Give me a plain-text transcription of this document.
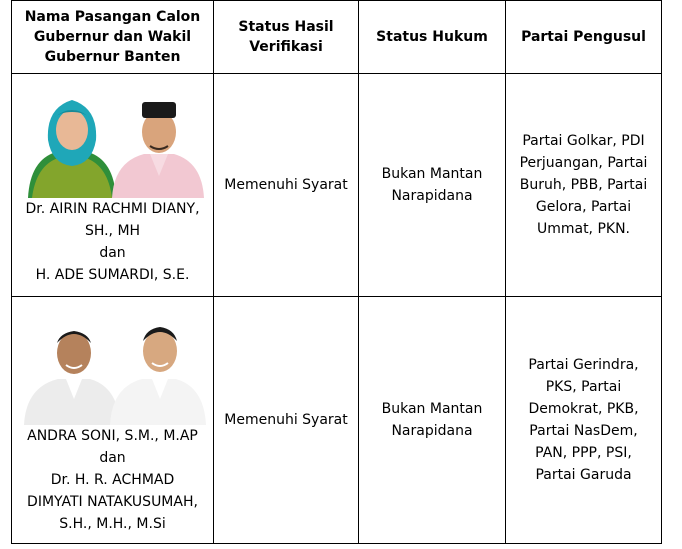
Nama Pasangan Calon Gubernur dan Wakil Gubernur Banten	Status Hasil Verifikasi	Status Hukum	Partai Pengusul

Dr. AIRIN RACHMI DIANY,
SH., MH
dan
H. ADE SUMARDI, S.E.	Memenuhi Syarat	Bukan Mantan Narapidana	Partai Golkar, PDI Perjuangan, Partai Buruh, PBB, Partai Gelora, Partai Ummat, PKN.

ANDRA SONI, S.M., M.AP
dan
Dr. H. R. ACHMAD
DIMYATI NATAKUSUMAH,
S.H., M.H., M.Si	Memenuhi Syarat	Bukan Mantan Narapidana	Partai Gerindra, PKS, Partai Demokrat, PKB, Partai NasDem, PAN, PPP, PSI, Partai Garuda
